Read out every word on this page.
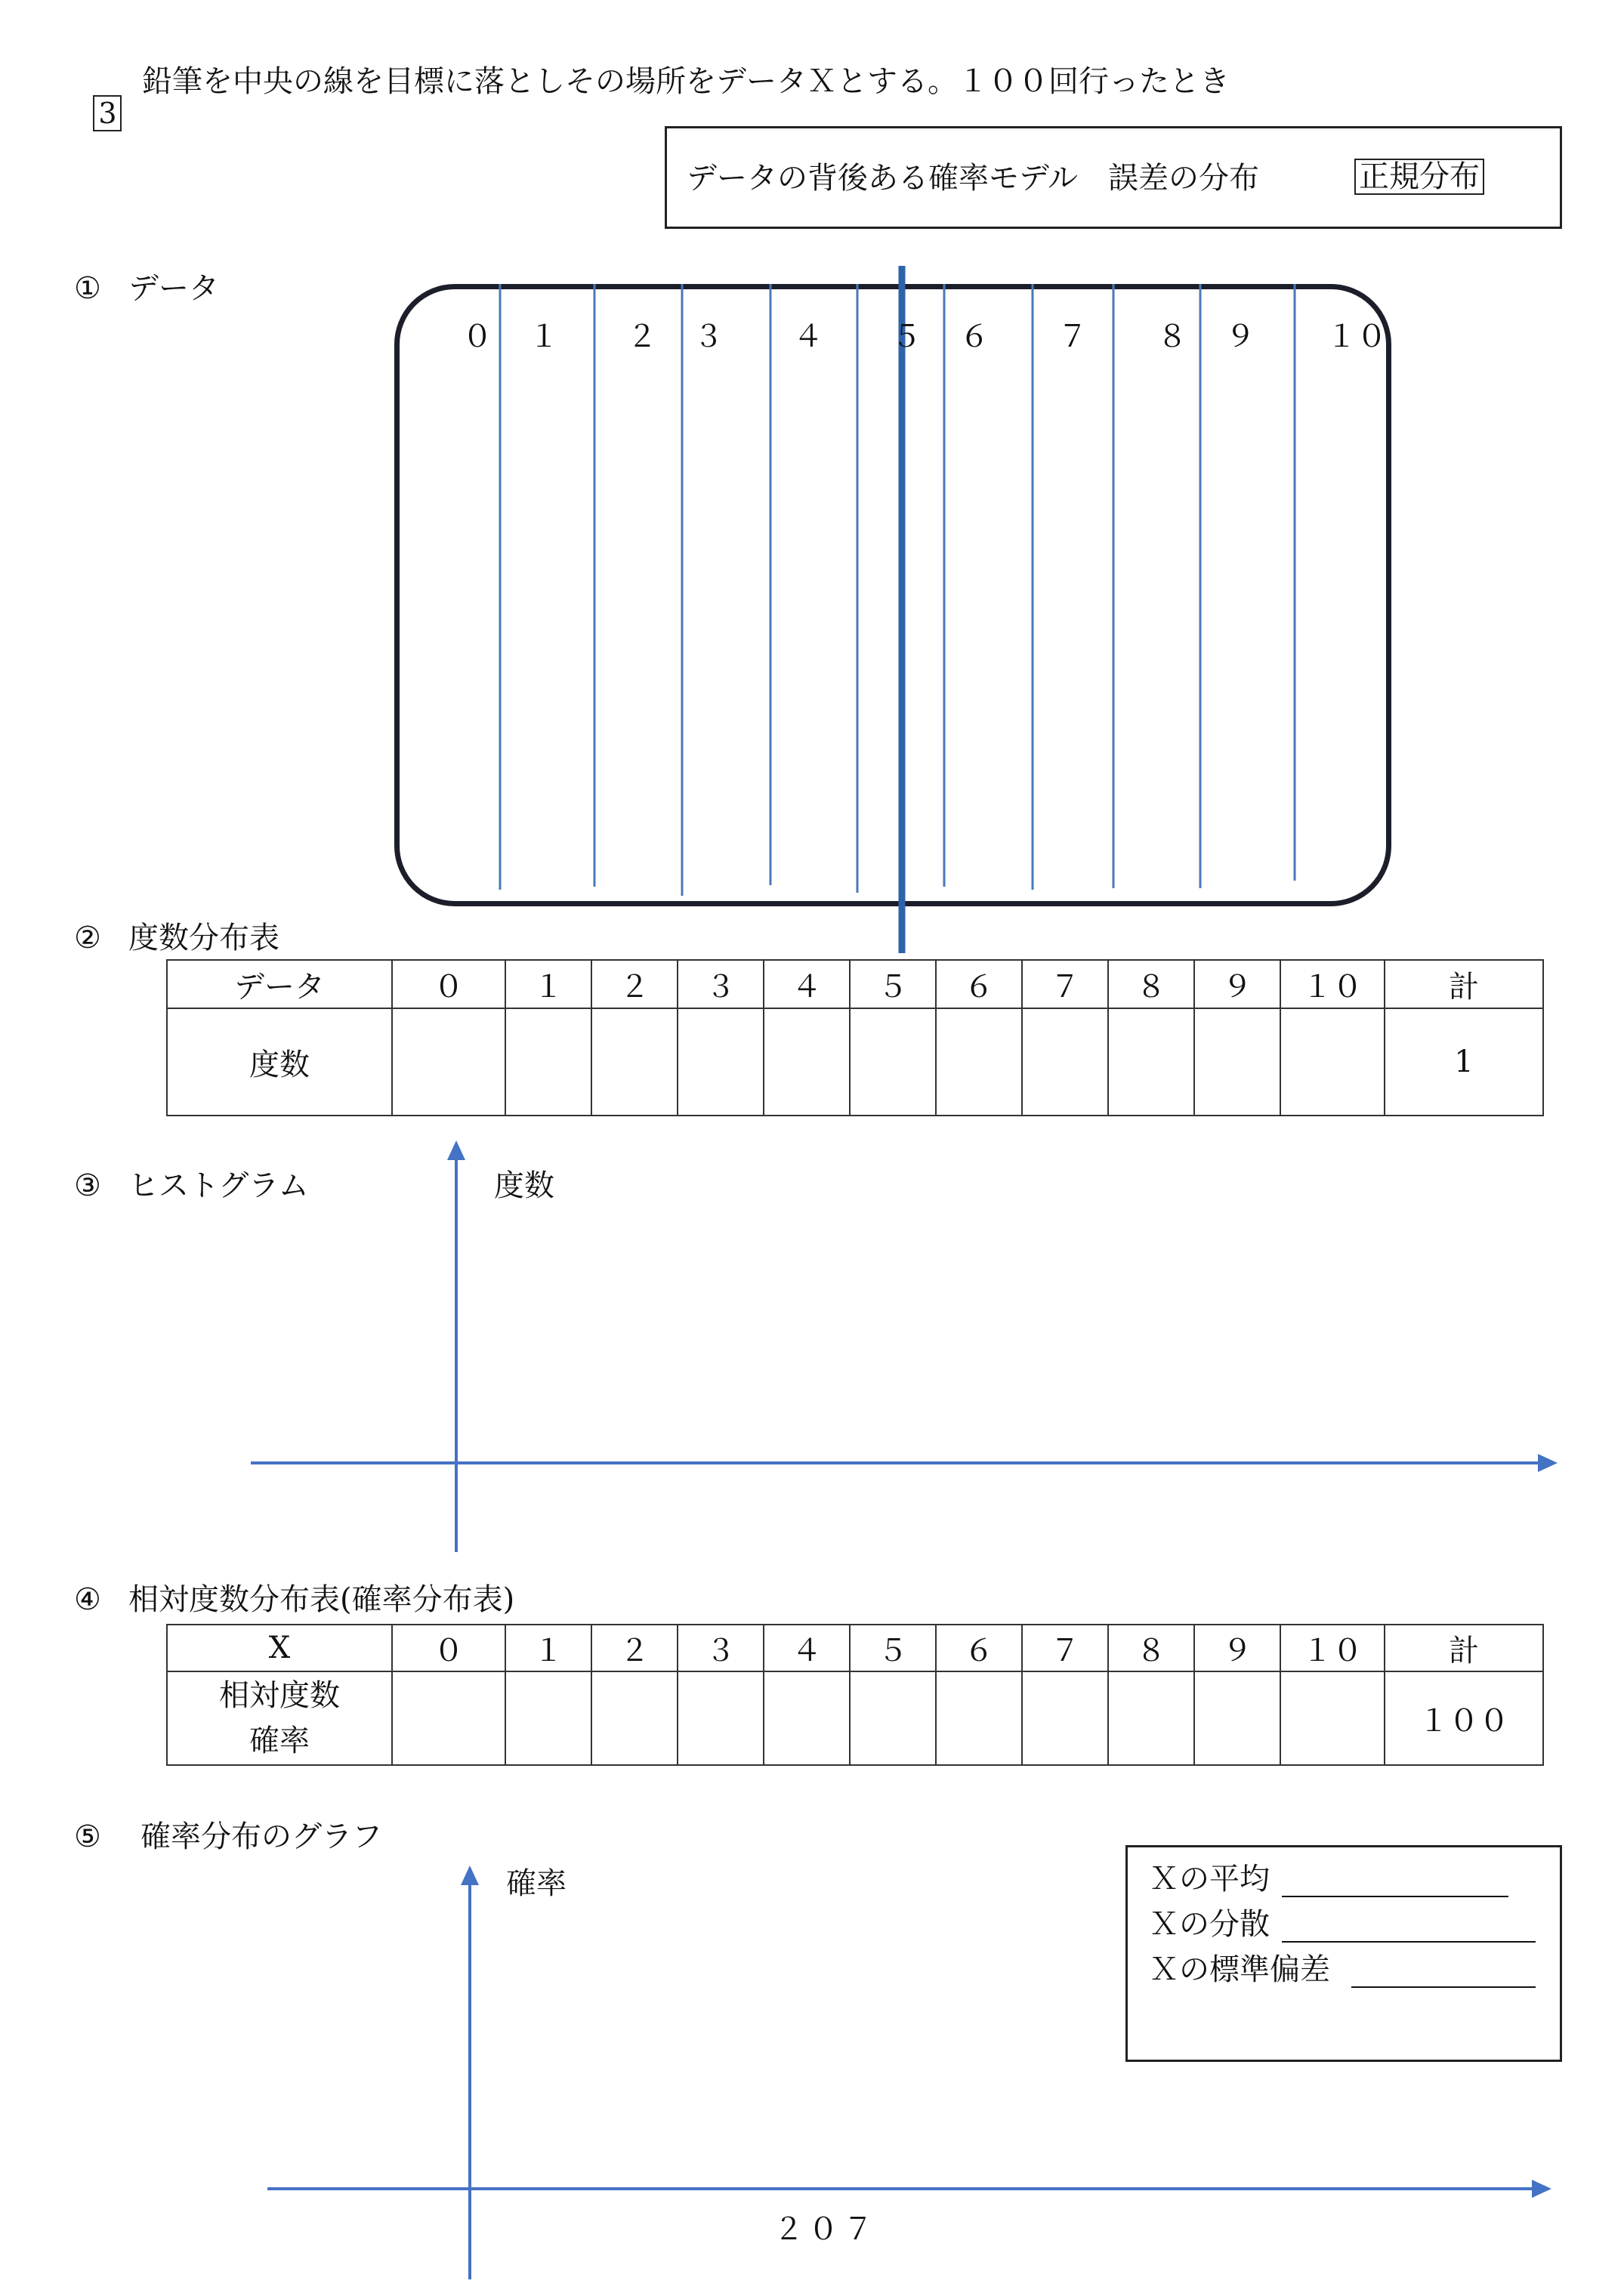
3

鉛筆を中央の線を目標に落としその場所をデータＸとする。１００回行ったとき
データの背後ある確率モデル　誤差の分布	正規分布
① データ
０ １ ２ ３ ４ ５ ６ ７ ８ ９ １０
② 度数分布表
データ	０	１	２	３	４	５	６	７	８	９	１０	計
度数												1
③ ヒストグラム	度数
④ 相対度数分布表(確率分布表)
X	０	１	２	３	４	５	６	７	８	９	１０	計

相対度数
確率												１００
⑤ 確率分布のグラフ
確率	Ｘの平均
Ｘの分散
Ｘの標準偏差
２０７
